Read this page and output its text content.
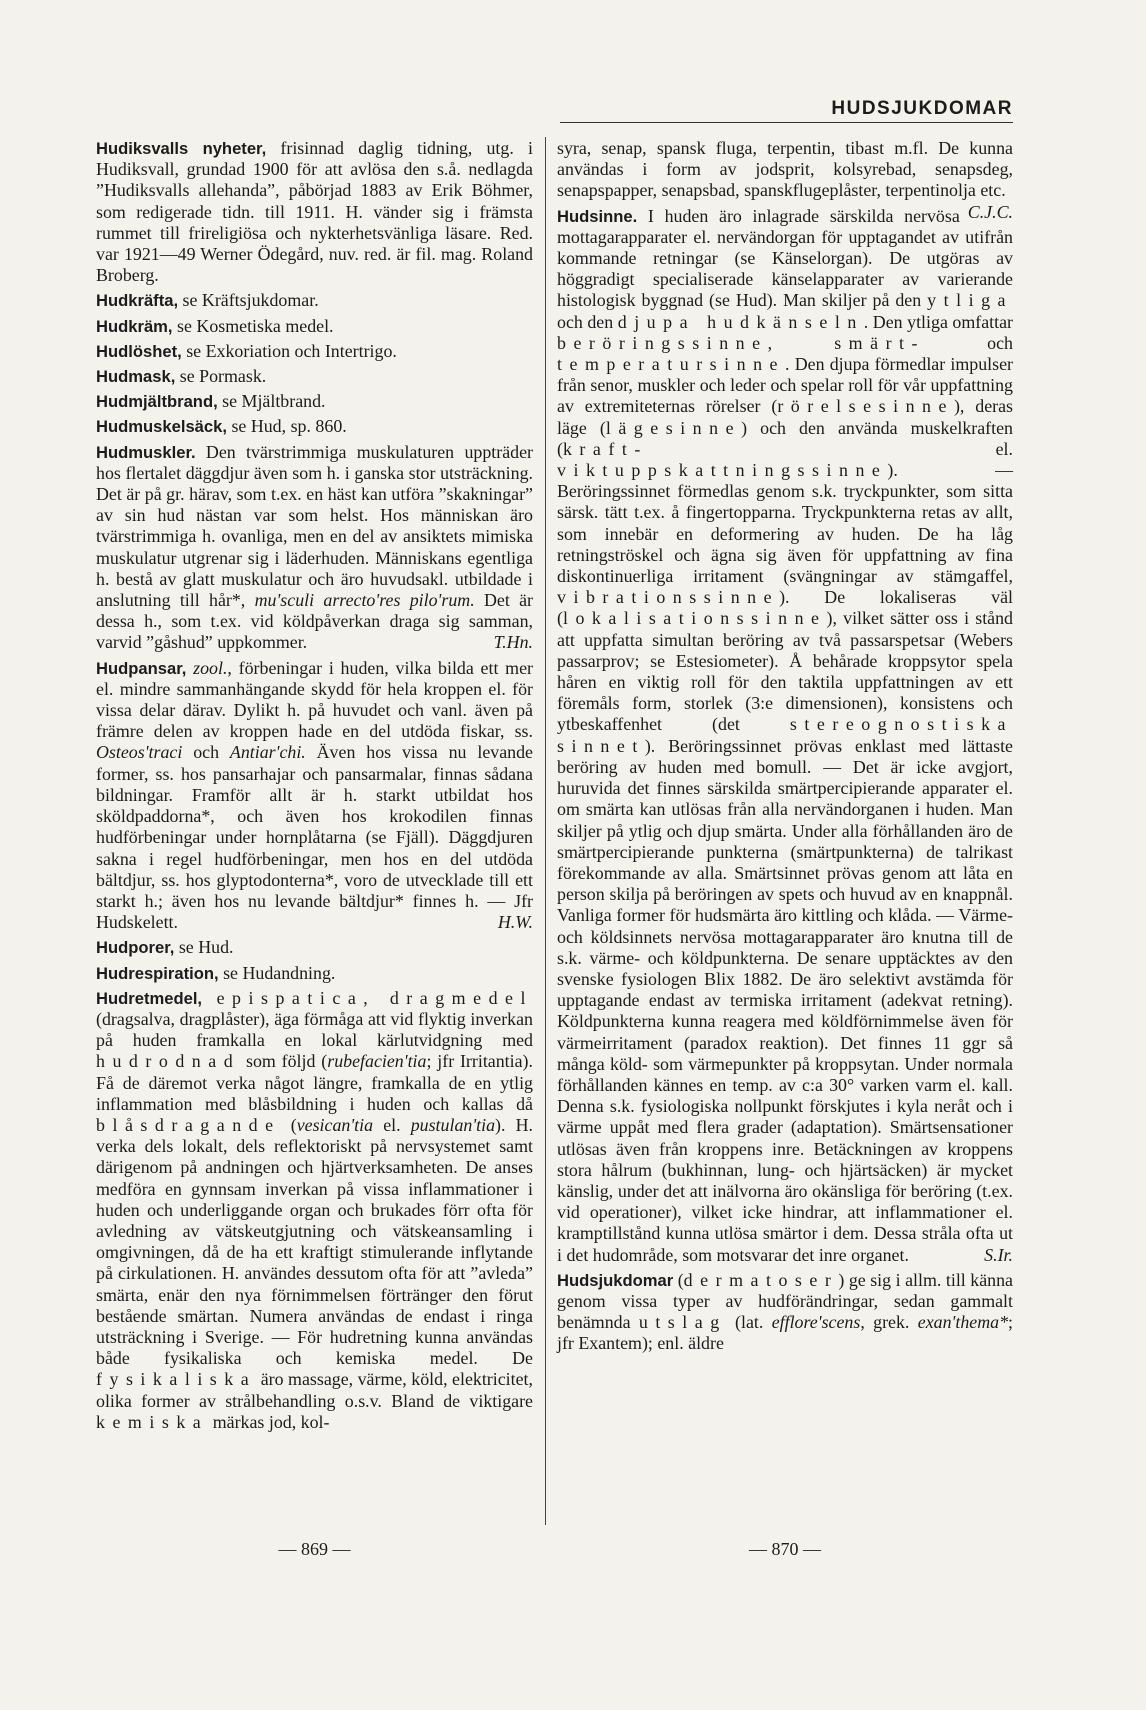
HUDSJUKDOMAR

Hudiksvalls nyheter, frisinnad daglig tidning, utg. i Hudiksvall, grundad 1900 för att avlösa den s.å. nedlagda ”Hudiksvalls allehanda”, påbörjad 1883 av Erik Böhmer, som redigerade tidn. till 1911. H. vänder sig i främsta rummet till frireligiösa och nykterhetsvänliga läsare. Red. var 1921—49 Werner Ödegård, nuv. red. är fil. mag. Roland Broberg.

Hudkräfta, se Kräftsjukdomar.

Hudkräm, se Kosmetiska medel.

Hudlöshet, se Exkoriation och Intertrigo.

Hudmask, se Pormask.

Hudmjältbrand, se Mjältbrand.

Hudmuskelsäck, se Hud, sp. 860.

Hudmuskler. Den tvärstrimmiga muskulaturen uppträder hos flertalet däggdjur även som h. i ganska stor utsträckning. Det är på gr. härav, som t.ex. en häst kan utföra ”skakningar” av sin hud nästan var som helst. Hos människan äro tvärstrimmiga h. ovanliga, men en del av ansiktets mimiska muskulatur utgrenar sig i läderhuden. Människans egentliga h. bestå av glatt muskulatur och äro huvudsakl. utbildade i anslutning till hår*, mu'sculi arrecto'res pilo'rum. Det är dessa h., som t.ex. vid köldpåverkan draga sig samman, varvid ”gåshud” uppkommer.	T.Hn.

Hudpansar, zool., förbeningar i huden, vilka bilda ett mer el. mindre sammanhängande skydd för hela kroppen el. för vissa delar därav. Dylikt h. på huvudet och vanl. även på främre delen av kroppen hade en del utdöda fiskar, ss. Osteos'traci och Antiar'chi. Även hos vissa nu levande former, ss. hos pansarhajar och pansarmalar, finnas sådana bildningar. Framför allt är h. starkt utbildat hos sköldpaddorna*, och även hos krokodilen finnas hudförbeningar under hornplåtarna (se Fjäll). Däggdjuren sakna i regel hudförbeningar, men hos en del utdöda bältdjur, ss. hos glyptodonterna*, voro de utvecklade till ett starkt h.; även hos nu levande bältdjur* finnes h. — Jfr Hudskelett.	H.W.

Hudporer, se Hud.

Hudrespiration, se Hudandning.

Hudretmedel, epispatica, dragmedel (dragsalva, dragplåster), äga förmåga att vid flyktig inverkan på huden framkalla en lokal kärlutvidgning med hudrodnad som följd (rubefacien'tia; jfr Irritantia). Få de däremot verka något längre, framkalla de en ytlig inflammation med blåsbildning i huden och kallas då blåsdragande (vesican'tia el. pustulan'tia). H. verka dels lokalt, dels reflektoriskt på nervsystemet samt därigenom på andningen och hjärtverksamheten. De anses medföra en gynnsam inverkan på vissa inflammationer i huden och underliggande organ och brukades förr ofta för avledning av vätskeutgjutning och vätskeansamling i omgivningen, då de ha ett kraftigt stimulerande inflytande på cirkulationen. H. användes dessutom ofta för att ”avleda” smärta, enär den nya förnimmelsen förtränger den förut bestående smärtan. Numera användas de endast i ringa utsträckning i Sverige. — För hudretning kunna användas både fysikaliska och kemiska medel. De fysikaliska äro massage, värme, köld, elektricitet, olika former av strålbehandling o.s.v. Bland de viktigare kemiska märkas jod, kol-

syra, senap, spansk fluga, terpentin, tibast m.fl. De kunna användas i form av jodsprit, kolsyrebad, senapsdeg, senapspapper, senapsbad, spanskflugeplåster, terpentinolja etc.
C.J.C.

Hudsinne. I huden äro inlagrade särskilda nervösa mottagarapparater el. nervändorgan för upptagandet av utifrån kommande retningar (se Känselorgan). De utgöras av höggradigt specialiserade känselapparater av varierande histologisk byggnad (se Hud). Man skiljer på den ytliga och den djupa hudkänseln. Den ytliga omfattar beröringssinne, smärt- och temperatursinne. Den djupa förmedlar impulser från senor, muskler och leder och spelar roll för vår uppfattning av extremiteternas rörelser (rörelsesinne), deras läge (lägesinne) och den använda muskelkraften (kraft- el. viktuppskattningssinne). — Beröringssinnet förmedlas genom s.k. tryckpunkter, som sitta särsk. tätt t.ex. å fingertopparna. Tryckpunkterna retas av allt, som innebär en deformering av huden. De ha låg retningströskel och ägna sig även för uppfattning av fina diskontinuerliga irritament (svängningar av stämgaffel, vibrationssinne). De lokaliseras väl (lokalisationssinne), vilket sätter oss i stånd att uppfatta simultan beröring av två passarspetsar (Webers passarprov; se Estesiometer). Å behårade kroppsytor spela håren en viktig roll för den taktila uppfattningen av ett föremåls form, storlek (3:e dimensionen), konsistens och ytbeskaffenhet (det stereognostiska sinnet). Beröringssinnet prövas enklast med lättaste beröring av huden med bomull. — Det är icke avgjort, huruvida det finnes särskilda smärtpercipierande apparater el. om smärta kan utlösas från alla nervändorganen i huden. Man skiljer på ytlig och djup smärta. Under alla förhållanden äro de smärtpercipierande punkterna (smärtpunkterna) de talrikast förekommande av alla. Smärtsinnet prövas genom att låta en person skilja på beröringen av spets och huvud av en knappnål. Vanliga former för hudsmärta äro kittling och klåda. — Värme- och köldsinnets nervösa mottagarapparater äro knutna till de s.k. värme- och köldpunkterna. De senare upptäcktes av den svenske fysiologen Blix 1882. De äro selektivt avstämda för upptagande endast av termiska irritament (adekvat retning). Köldpunkterna kunna reagera med köldförnimmelse även för värmeirritament (paradox reaktion). Det finnes 11 ggr så många köld- som värmepunkter på kroppsytan. Under normala förhållanden kännes en temp. av c:a 30° varken varm el. kall. Denna s.k. fysiologiska nollpunkt förskjutes i kyla neråt och i värme uppåt med flera grader (adaptation). Smärtsensationer utlösas även från kroppens inre. Betäckningen av kroppens stora hålrum (bukhinnan, lung- och hjärtsäcken) är mycket känslig, under det att inälvorna äro okänsliga för beröring (t.ex. vid operationer), vilket icke hindrar, att inflammationer el. kramptillstånd kunna utlösa smärtor i dem. Dessa stråla ofta ut i det hudområde, som motsvarar det inre organet.	S.Ir.

Hudsjukdomar (dermatoser) ge sig i allm. till känna genom vissa typer av hudförändringar, sedan gammalt benämnda utslag (lat. efflore'scens, grek. exan'thema*; jfr Exantem); enl. äldre

— 869 —	— 870 —
